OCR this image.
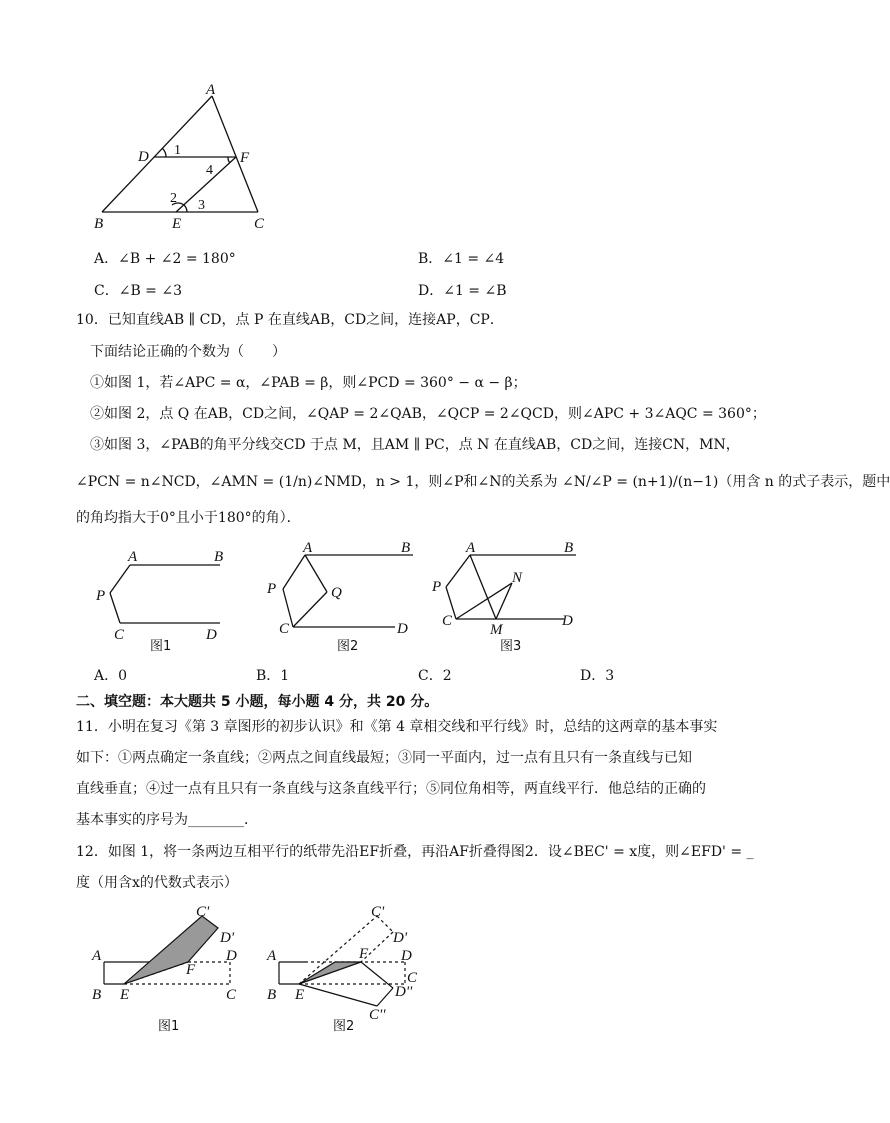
A
D	F
B	E	C
1
4
2 3
A．∠B + ∠2 = 180°	B．∠1 = ∠4
C．∠B = ∠3	D．∠1 = ∠B
10．已知直线AB ∥ CD，点 P 在直线AB，CD之间，连接AP，CP．
下面结论正确的个数为（　　）
①如图 1，若∠APC = α，∠PAB = β，则∠PCD = 360° − α − β；
②如图 2，点 Q 在AB，CD之间，∠QAP = 2∠QAB，∠QCP = 2∠QCD，则∠APC + 3∠AQC = 360°；
③如图 3，∠PAB的角平分线交CD 于点 M，且AM ∥ PC，点 N 在直线AB，CD之间，连接CN，MN，
∠PCN = n∠NCD，∠AMN = (1/n)∠NMD，n > 1，则∠P和∠N的关系为 ∠N/∠P = (n+1)/(n−1)（用含 n 的式子表示，题中
的角均指大于0°且小于180°的角）．
A	B
P
C	D
图1
A	B
P	Q
C	D
图2
A	B
N
P
C
M
D
图3
A．0	B．1	C．2	D．3
二、填空题：本大题共 5 小题，每小题 4 分，共 20 分。
11．小明在复习《第 3 章图形的初步认识》和《第 4 章相交线和平行线》时，总结的这两章的基本事实
如下：①两点确定一条直线；②两点之间直线最短；③同一平面内，过一点有且只有一条直线与已知
直线垂直；④过一点有且只有一条直线与这条直线平行；⑤同位角相等，两直线平行．他总结的正确的
基本事实的序号为________．
12．如图 1，将一条两边互相平行的纸带先沿EF折叠，再沿AF折叠得图2．设∠BEC' = x度，则∠EFD' = _
度（用含x的代数式表示）
C'
D'
A
F
D
B E	C
图1
C'
D'
A	F D
C
B E	D''
C''
图2
